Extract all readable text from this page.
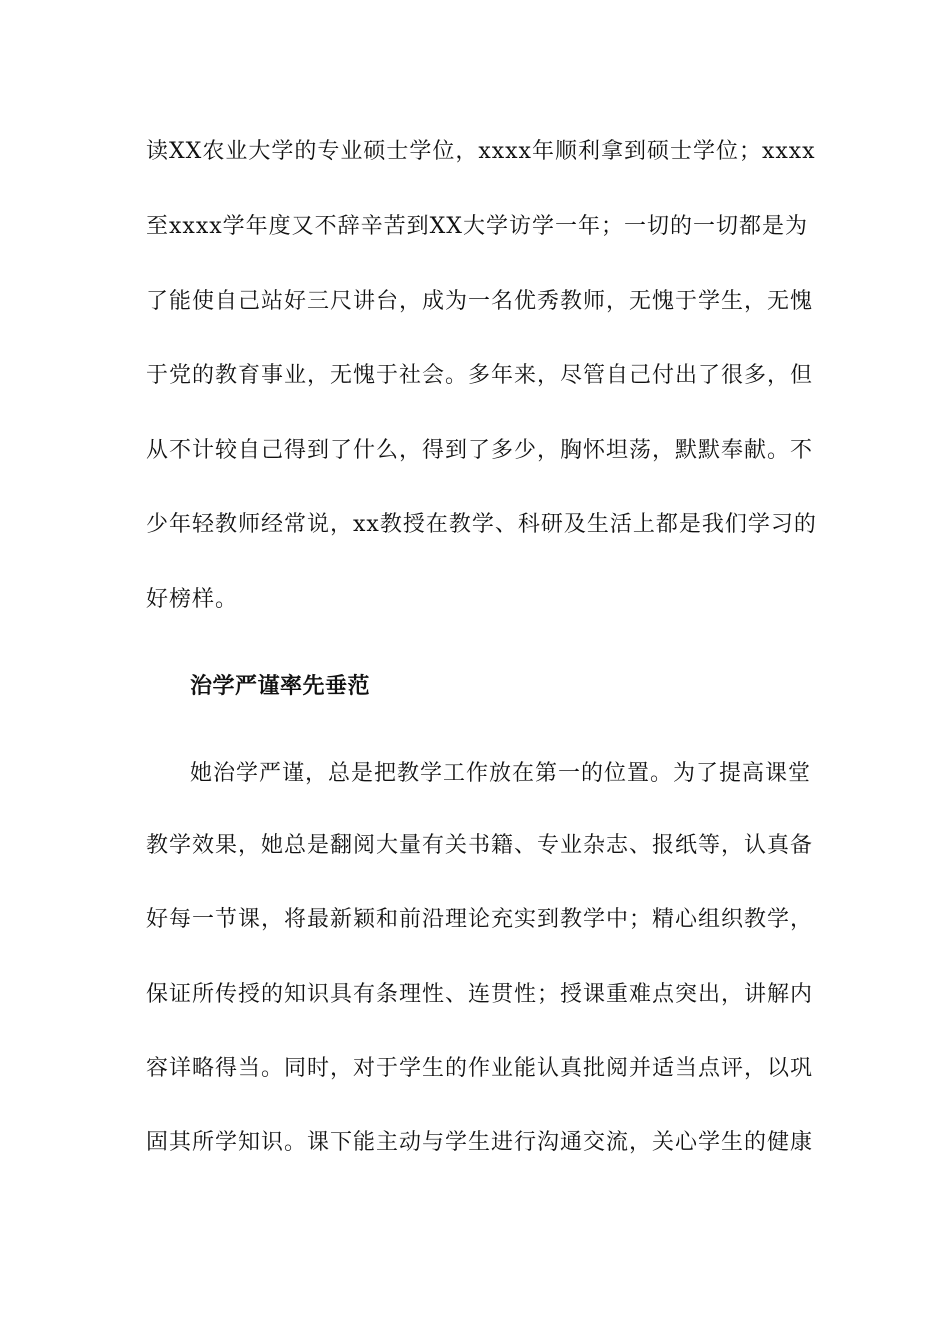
读XX农业大学的专业硕士学位，xxxx年顺利拿到硕士学位；xxxx
至xxxx学年度又不辞辛苦到XX大学访学一年；一切的一切都是为
了能使自己站好三尺讲台，成为一名优秀教师，无愧于学生，无愧
于党的教育事业，无愧于社会。多年来，尽管自己付出了很多，但
从不计较自己得到了什么，得到了多少，胸怀坦荡，默默奉献。不
少年轻教师经常说，xx教授在教学、科研及生活上都是我们学习的
好榜样。
治学严谨率先垂范
她治学严谨，总是把教学工作放在第一的位置。为了提高课堂
教学效果，她总是翻阅大量有关书籍、专业杂志、报纸等，认真备
好每一节课，将最新颖和前沿理论充实到教学中；精心组织教学，
保证所传授的知识具有条理性、连贯性；授课重难点突出，讲解内
容详略得当。同时，对于学生的作业能认真批阅并适当点评，以巩
固其所学知识。课下能主动与学生进行沟通交流，关心学生的健康
